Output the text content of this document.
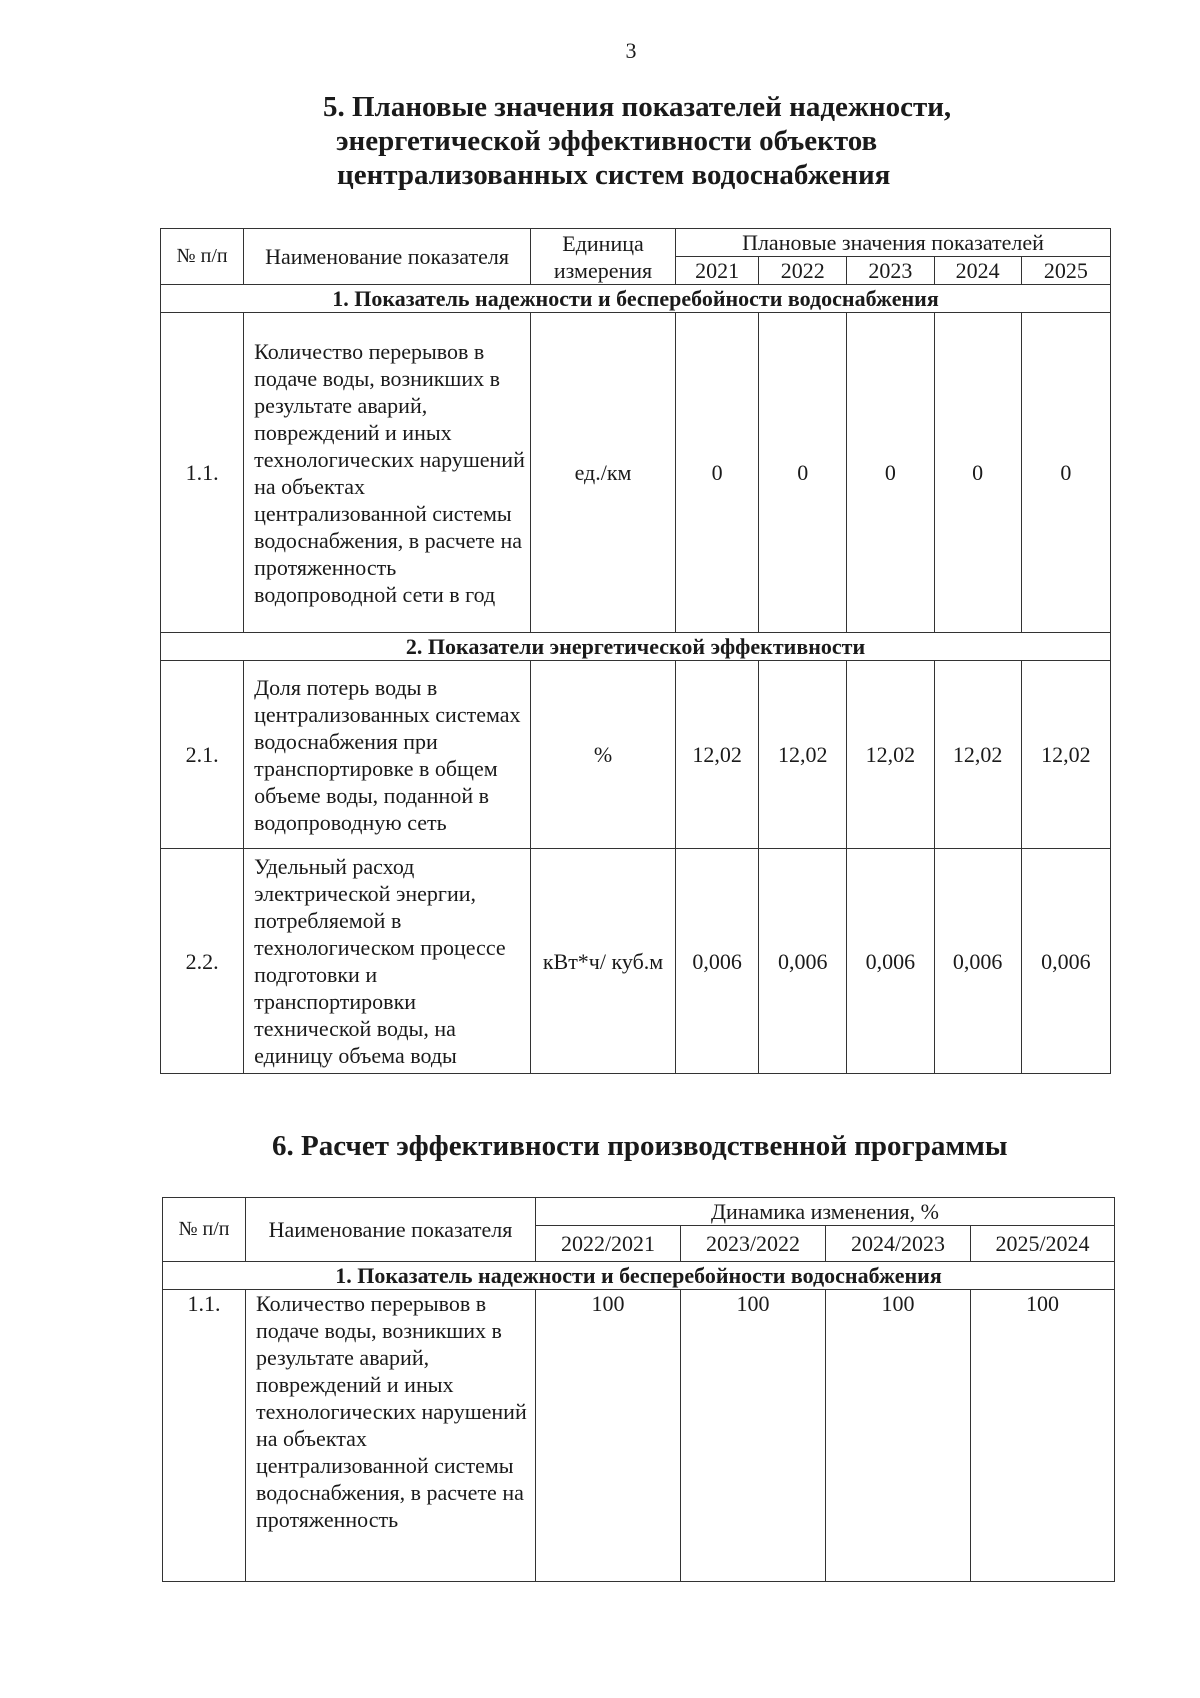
3
5. Плановые значения показателей надежности,
энергетической эффективности объектов
централизованных систем водоснабжения
№ п/п	Наименование показателя	Единица измерения	Плановые значения показателей				
			2021	2022	2023	2024	2025
1. Показатель надежности и бесперебойности водоснабжения							
1.1.	Количество перерывов в подаче воды, возникших в результате аварий, повреждений и иных технологических нарушений на объектах централизованной системы водоснабжения, в расчете на протяженность водопроводной сети в год	ед./км	0	0	0	0	0
2. Показатели энергетической эффективности							
2.1.	Доля потерь воды в централизованных системах водоснабжения при транспортировке в общем объеме воды, поданной в водопроводную сеть	%	12,02	12,02	12,02	12,02	12,02
2.2.	Удельный расход электрической энергии, потребляемой в технологическом процессе подготовки и транспортировки технической воды, на единицу объема воды	кВт*ч/ куб.м	0,006	0,006	0,006	0,006	0,006
6. Расчет эффективности производственной программы
№ п/п	Наименование показателя	Динамика изменения, %			
		2022/2021	2023/2022	2024/2023	2025/2024
1. Показатель надежности и бесперебойности водоснабжения					
1.1.	Количество перерывов в подаче воды, возникших в результате аварий, повреждений и иных технологических нарушений на объектах централизованной системы водоснабжения, в расчете на протяженность	100	100	100	100
